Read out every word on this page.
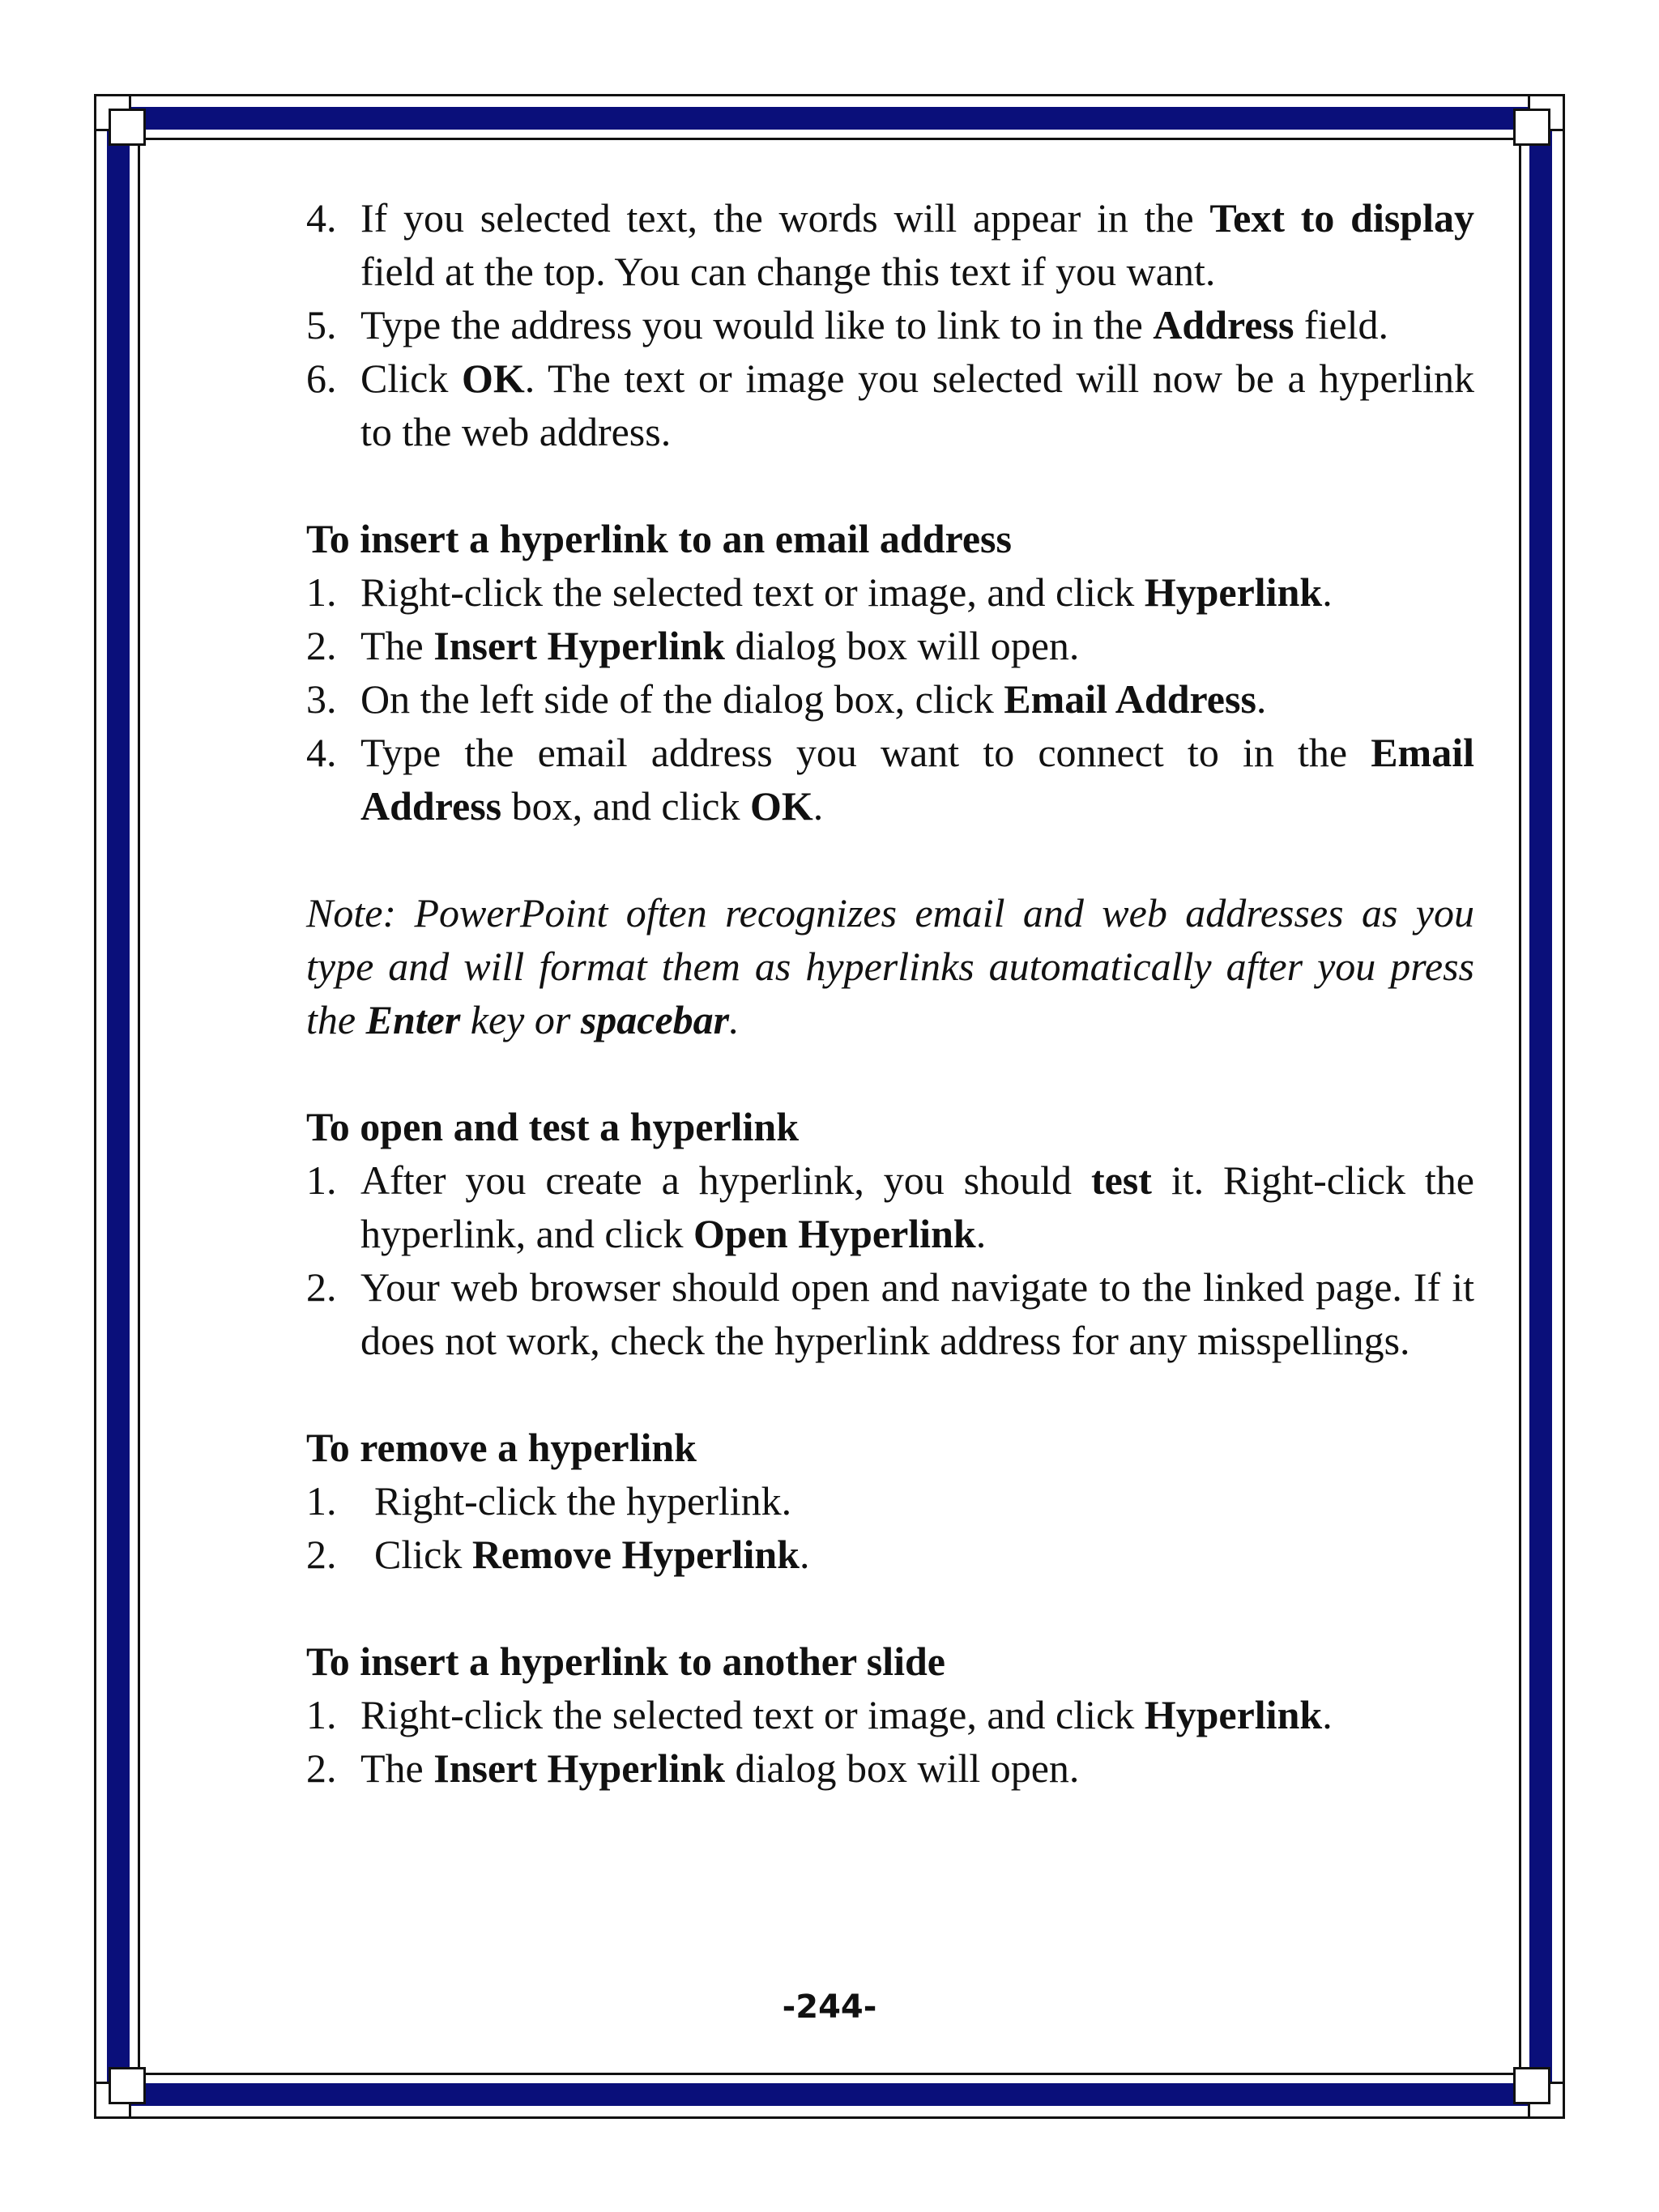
4. If you selected text, the words will appear in the Text to display field at the top. You can change this text if you want.
5. Type the address you would like to link to in the Address field.
6. Click OK. The text or image you selected will now be a hyperlink to the web address.

To insert a hyperlink to an email address

1. Right-click the selected text or image, and click Hyperlink.
2. The Insert Hyperlink dialog box will open.
3. On the left side of the dialog box, click Email Address.
4. Type the email address you want to connect to in the Email Address box, and click OK.

Note: PowerPoint often recognizes email and web addresses as you type and will format them as hyperlinks automatically after you press the Enter key or spacebar.

To open and test a hyperlink

1. After you create a hyperlink, you should test it. Right-click the hyperlink, and click Open Hyperlink.
2. Your web browser should open and navigate to the linked page. If it does not work, check the hyperlink address for any misspellings.

To remove a hyperlink

1. Right-click the hyperlink.
2. Click Remove Hyperlink.

To insert a hyperlink to another slide

1. Right-click the selected text or image, and click Hyperlink.
2. The Insert Hyperlink dialog box will open.
-244-
